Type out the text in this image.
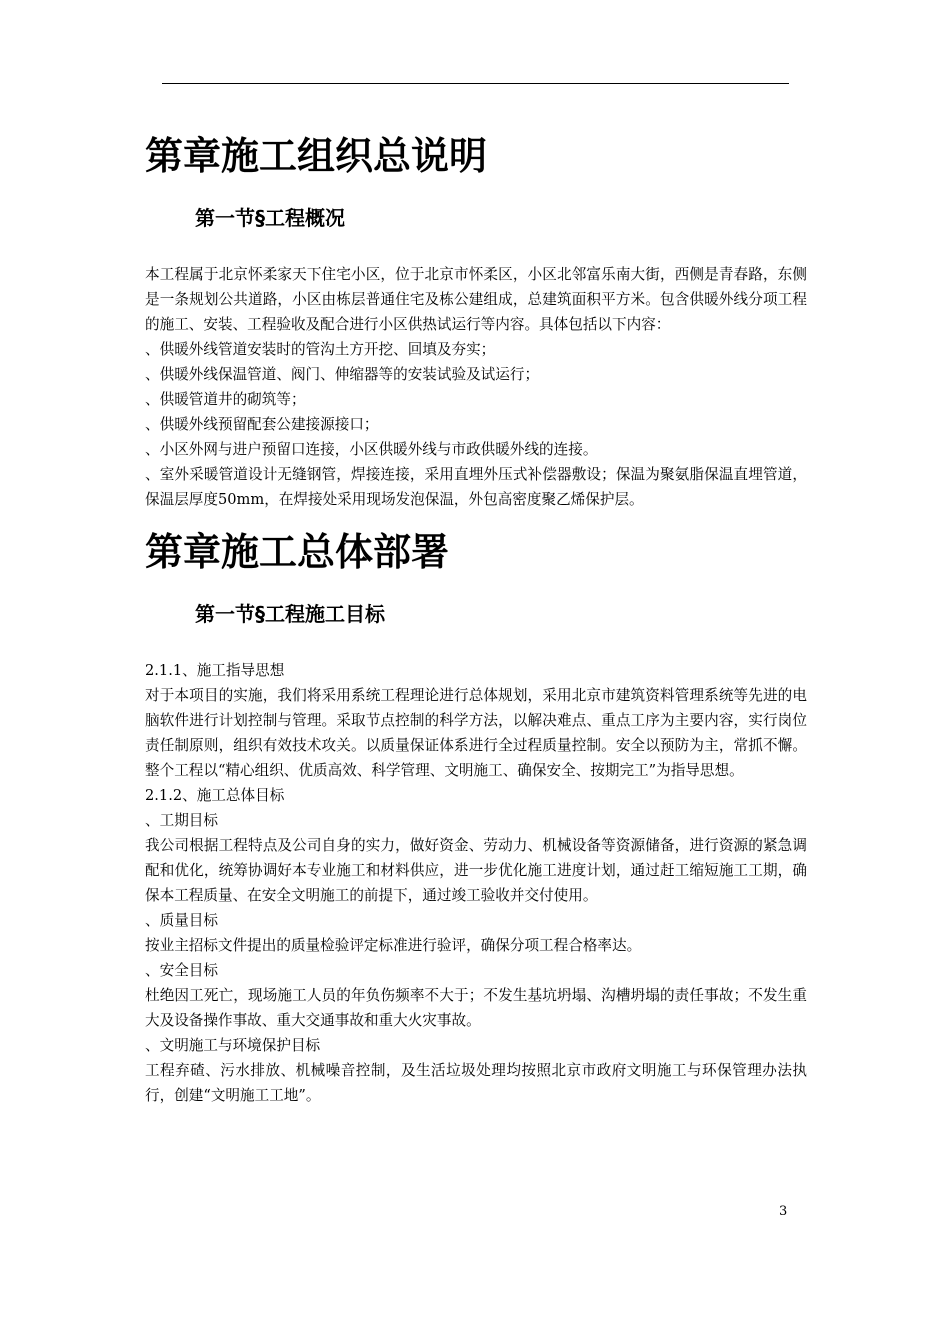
第章施工组织总说明
第一节§工程概况

本工程属于北京怀柔家天下住宅小区，位于北京市怀柔区，小区北邻富乐南大街，西侧是青春路，东侧是一条规划公共道路，小区由栋层普通住宅及栋公建组成，总建筑面积平方米。包含供暖外线分项工程的施工、安装、工程验收及配合进行小区供热试运行等内容。具体包括以下内容：

、供暖外线管道安装时的管沟土方开挖、回填及夯实；

、供暖外线保温管道、阀门、伸缩器等的安装试验及试运行；

、供暖管道井的砌筑等；

、供暖外线预留配套公建接源接口；

、小区外网与进户预留口连接，小区供暖外线与市政供暖外线的连接。

、室外采暖管道设计无缝钢管，焊接连接，采用直埋外压式补偿器敷设；保温为聚氨脂保温直埋管道，保温层厚度50mm，在焊接处采用现场发泡保温，外包高密度聚乙烯保护层。

第章施工总体部署
第一节§工程施工目标

2.1.1、施工指导思想

对于本项目的实施，我们将采用系统工程理论进行总体规划，采用北京市建筑资料管理系统等先进的电脑软件进行计划控制与管理。采取节点控制的科学方法，以解决难点、重点工序为主要内容，实行岗位责任制原则，组织有效技术攻关。以质量保证体系进行全过程质量控制。安全以预防为主，常抓不懈。整个工程以“精心组织、优质高效、科学管理、文明施工、确保安全、按期完工”为指导思想。

2.1.2、施工总体目标

、工期目标

我公司根据工程特点及公司自身的实力，做好资金、劳动力、机械设备等资源储备，进行资源的紧急调配和优化，统筹协调好本专业施工和材料供应，进一步优化施工进度计划，通过赶工缩短施工工期，确保本工程质量、在安全文明施工的前提下，通过竣工验收并交付使用。

、质量目标

按业主招标文件提出的质量检验评定标准进行验评，确保分项工程合格率达。

、安全目标

杜绝因工死亡，现场施工人员的年负伤频率不大于；不发生基坑坍塌、沟槽坍塌的责任事故；不发生重大及设备操作事故、重大交通事故和重大火灾事故。

、文明施工与环境保护目标

工程弃碴、污水排放、机械噪音控制，及生活垃圾处理均按照北京市政府文明施工与环保管理办法执行，创建“文明施工工地”。

3
